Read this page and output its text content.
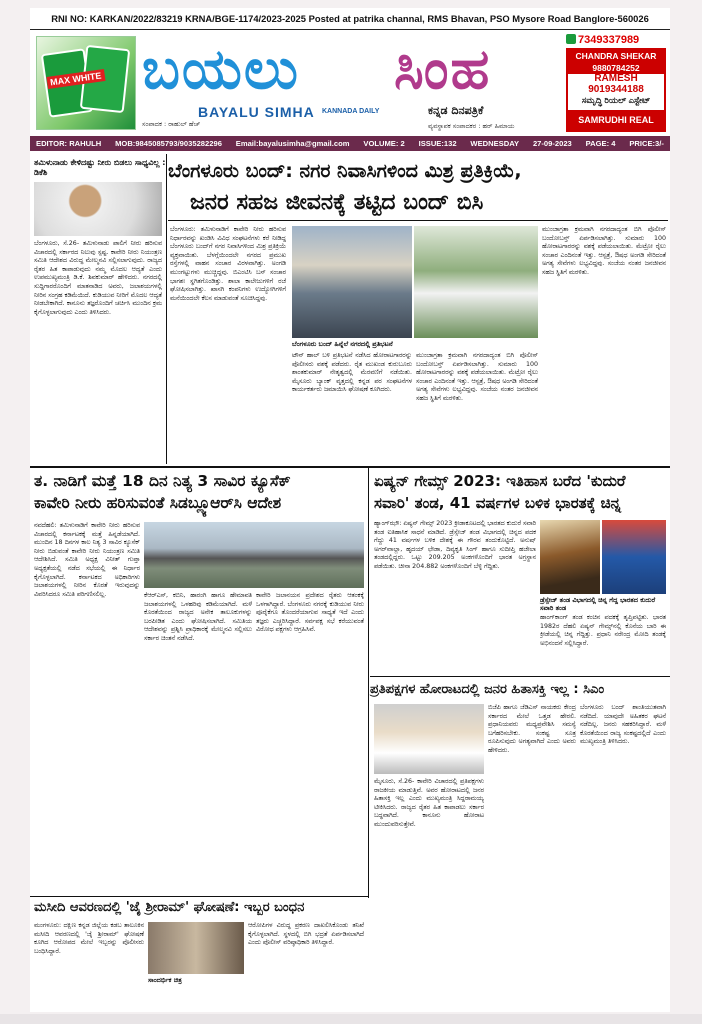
RNI NO: KARKAN/2022/83219 KRNA/BGE-1174/2023-2025 Posted at patrika channal, RMS Bhavan, PSO Mysore Road Banglore-560026
MAX WHITE ಬಯಲು ಸಿಂಹ
BAYALU SIMHA KANNADA DAILY	ಕನ್ನಡ ದಿನಪತ್ರಿಕೆ
ಸಂಪಾದಕ : ರಾಹುಲ್ ಹೆಚ್	ವ್ಯವಸ್ಥಾಪಕ ಸಂಪಾದಕರ : ಹರ್ ಹಿಮಾಯ
7349337989
CHANDRA SHEKAR 9880784252
RAMESH 9019344188
ಸಮೃದ್ಧಿ ರಿಯಲ್ ಎಸ್ಟೇಟ್
SAMRUDHI REAL
EDITOR: RAHULH MOB:9845085793/9035282296 Email:bayalusimha@gmail.com VOLUME: 2 ISSUE:132 WEDNESDAY 27-09-2023 PAGE: 4 PRICE:3/-
ತಮಿಳುನಾಡು ಕೇಳಿದಷ್ಟು ನೀರು ಬಿಡಲು ಸಾಧ್ಯವಿಲ್ಲ : ಡಿಕೆಶಿ
ಬೆಂಗಳೂರು, ಸೆ.26- ತಮಿಳುನಾಡು ಪಾಲಿಗೆ ನೀರು ಹರಿಸುವ ವಿಚಾರದಲ್ಲಿ ಸರ್ಕಾರದ ನಿಲುವು ಸ್ಪಷ್ಟ. ಕಾವೇರಿ ನೀರು ನಿಯಂತ್ರಣ ಸಮಿತಿ ಆದೇಶದ ವಿರುದ್ಧ ಮೇಲ್ಮನವಿ ಸಲ್ಲಿಸಲಾಗುವುದು. ರಾಜ್ಯದ ರೈತರ ಹಿತ ಕಾಪಾಡುವುದು ನಮ್ಮ ಮೊದಲ ಆದ್ಯತೆ ಎಂದು ಉಪಮುಖ್ಯಮಂತ್ರಿ ಡಿ.ಕೆ. ಶಿವಕುಮಾರ್ ಹೇಳಿದರು. ನಗರದಲ್ಲಿ ಸುದ್ದಿಗಾರರೊಂದಿಗೆ ಮಾತನಾಡಿದ ಅವರು, ಜಲಾಶಯಗಳಲ್ಲಿ ನೀರಿನ ಸಂಗ್ರಹ ಕಡಿಮೆಯಿದೆ. ಕುಡಿಯುವ ನೀರಿಗೆ ಮೊದಲ ಆದ್ಯತೆ ನೀಡಬೇಕಾಗಿದೆ. ಕಾನೂನು ತಜ್ಞರೊಂದಿಗೆ ಚರ್ಚಿಸಿ ಮುಂದಿನ ಕ್ರಮ ಕೈಗೊಳ್ಳಲಾಗುವುದು ಎಂದು ತಿಳಿಸಿದರು.
ಬೆಂಗಳೂರು ಬಂದ್: ನಗರ ನಿವಾಸಿಗಳಿಂದ ಮಿಶ್ರ ಪ್ರತಿಕ್ರಿಯೆ,
ಜನರ ಸಹಜ ಜೀವನಕ್ಕೆ ತಟ್ಟಿದ ಬಂದ್ ಬಿಸಿ
ಬೆಂಗಳೂರು: ತಮಿಳುನಾಡಿಗೆ ಕಾವೇರಿ ನೀರು ಹರಿಸುವ ನಿರ್ಧಾರವನ್ನು ಖಂಡಿಸಿ ವಿವಿಧ ಸಂಘಟನೆಗಳು ಕರೆ ನೀಡಿದ್ದ ಬೆಂಗಳೂರು ಬಂದ್‌ಗೆ ನಗರ ನಿವಾಸಿಗಳಿಂದ ಮಿಶ್ರ ಪ್ರತಿಕ್ರಿಯೆ ವ್ಯಕ್ತವಾಯಿತು. ಬೆಳಗ್ಗೆಯಿಂದಲೇ ನಗರದ ಪ್ರಮುಖ ರಸ್ತೆಗಳಲ್ಲಿ ವಾಹನ ಸಂಚಾರ ವಿರಳವಾಗಿತ್ತು. ಅಂಗಡಿ ಮುಂಗಟ್ಟುಗಳು ಮುಚ್ಚಿದ್ದವು. ಬಿಎಂಟಿಸಿ ಬಸ್ ಸಂಚಾರ ಭಾಗಶಃ ಸ್ಥಗಿತಗೊಂಡಿತ್ತು. ಶಾಲಾ ಕಾಲೇಜುಗಳಿಗೆ ರಜೆ ಘೋಷಿಸಲಾಗಿತ್ತು. ಖಾಸಗಿ ಕಂಪನಿಗಳು ಉದ್ಯೋಗಿಗಳಿಗೆ ಮನೆಯಿಂದಲೇ ಕೆಲಸ ಮಾಡುವಂತೆ ಸೂಚಿಸಿದ್ದವು.
ಬೆಂಗಳೂರು ಬಂದ್ ಹಿನ್ನೆಲೆ ನಗರದಲ್ಲಿ ಪ್ರತಿಭಟನೆ
ಟೌನ್ ಹಾಲ್ ಬಳಿ ಪ್ರತಿಭಟನೆ ನಡೆಸಿದ ಹೋರಾಟಗಾರರನ್ನು ಪೊಲೀಸರು ವಶಕ್ಕೆ ಪಡೆದರು. ರೈತ ಮುಖಂಡ ಕುರುಬೂರು ಶಾಂತಕುಮಾರ್ ನೇತೃತ್ವದಲ್ಲಿ ಮೆರವಣಿಗೆ ನಡೆಯಿತು. ಮೈಸೂರು ಬ್ಯಾಂಕ್ ವೃತ್ತದಲ್ಲಿ ಕನ್ನಡ ಪರ ಸಂಘಟನೆಗಳ ಕಾರ್ಯಕರ್ತರು ಜಮಾಯಿಸಿ ಘೋಷಣೆ ಕೂಗಿದರು.
ಮುಂಜಾಗ್ರತಾ ಕ್ರಮವಾಗಿ ನಗರದಾದ್ಯಂತ ಬಿಗಿ ಪೊಲೀಸ್ ಬಂದೋಬಸ್ತ್ ಏರ್ಪಡಿಸಲಾಗಿತ್ತು. ಸುಮಾರು 100 ಹೋರಾಟಗಾರರನ್ನು ವಶಕ್ಕೆ ಪಡೆಯಲಾಯಿತು. ಮೆಟ್ರೋ ರೈಲು ಸಂಚಾರ ಎಂದಿನಂತೆ ಇತ್ತು. ಆಸ್ಪತ್ರೆ, ಔಷಧ ಅಂಗಡಿ ಸೇರಿದಂತೆ ಅಗತ್ಯ ಸೇವೆಗಳು ಲಭ್ಯವಿದ್ದವು. ಸಂಜೆಯ ನಂತರ ಜನಜೀವನ ಸಹಜ ಸ್ಥಿತಿಗೆ ಮರಳಿತು.
ಮುಂಜಾಗ್ರತಾ ಕ್ರಮವಾಗಿ ನಗರದಾದ್ಯಂತ ಬಿಗಿ ಪೊಲೀಸ್ ಬಂದೋಬಸ್ತ್ ಏರ್ಪಡಿಸಲಾಗಿತ್ತು. ಸುಮಾರು 100 ಹೋರಾಟಗಾರರನ್ನು ವಶಕ್ಕೆ ಪಡೆಯಲಾಯಿತು. ಮೆಟ್ರೋ ರೈಲು ಸಂಚಾರ ಎಂದಿನಂತೆ ಇತ್ತು. ಆಸ್ಪತ್ರೆ, ಔಷಧ ಅಂಗಡಿ ಸೇರಿದಂತೆ ಅಗತ್ಯ ಸೇವೆಗಳು ಲಭ್ಯವಿದ್ದವು. ಸಂಜೆಯ ನಂತರ ಜನಜೀವನ ಸಹಜ ಸ್ಥಿತಿಗೆ ಮರಳಿತು.
ತ. ನಾಡಿಗೆ ಮತ್ತೆ 18 ದಿನ ನಿತ್ಯ 3 ಸಾವಿರ ಕ್ಯೂಸೆಕ್
ಕಾವೇರಿ ನೀರು ಹರಿಸುವಂತೆ ಸಿಡಬ್ಲ್ಯೂಆರ್‌ಸಿ ಆದೇಶ
ನವದೆಹಲಿ: ತಮಿಳುನಾಡಿಗೆ ಕಾವೇರಿ ನೀರು ಹರಿಸುವ ವಿಚಾರದಲ್ಲಿ ಕರ್ನಾಟಕಕ್ಕೆ ಮತ್ತೆ ಹಿನ್ನಡೆಯಾಗಿದೆ. ಮುಂದಿನ 18 ದಿನಗಳ ಕಾಲ ನಿತ್ಯ 3 ಸಾವಿರ ಕ್ಯೂಸೆಕ್ ನೀರು ಬಿಡುವಂತೆ ಕಾವೇರಿ ನೀರು ನಿಯಂತ್ರಣ ಸಮಿತಿ ಆದೇಶಿಸಿದೆ. ಸಮಿತಿ ಅಧ್ಯಕ್ಷ ವಿನೀತ್ ಗುಪ್ತಾ ಅಧ್ಯಕ್ಷತೆಯಲ್ಲಿ ನಡೆದ ಸಭೆಯಲ್ಲಿ ಈ ನಿರ್ಧಾರ ಕೈಗೊಳ್ಳಲಾಗಿದೆ. ಕರ್ನಾಟಕದ ಅಧಿಕಾರಿಗಳು ಜಲಾಶಯಗಳಲ್ಲಿ ನೀರಿನ ಕೊರತೆ ಇರುವುದನ್ನು ವಿವರಿಸಿದರೂ ಸಮಿತಿ ಪರಿಗಣಿಸಲಿಲ್ಲ.	ಕೆಆರ್‌ಎಸ್, ಕಬಿನಿ, ಹಾರಂಗಿ ಹಾಗೂ ಹೇಮಾವತಿ ಜಲಾಶಯಗಳಲ್ಲಿ ಒಳಹರಿವು ಕಡಿಮೆಯಾಗಿದೆ. ಮಳೆ ಕೊರತೆಯಿಂದ ರಾಜ್ಯದ ಅನೇಕ ತಾಲೂಕುಗಳನ್ನು ಬರಪೀಡಿತ ಎಂದು ಘೋಷಿಸಲಾಗಿದೆ. ಸಮಿತಿಯ ಆದೇಶವನ್ನು ಪ್ರಶ್ನಿಸಿ ಪ್ರಾಧಿಕಾರಕ್ಕೆ ಮೇಲ್ಮನವಿ ಸಲ್ಲಿಸಲು ಸರ್ಕಾರ ಚಿಂತನೆ ನಡೆಸಿದೆ.
ಕಾವೇರಿ ಜಲಾನಯನ ಪ್ರದೇಶದ ರೈತರು ಆತಂಕಕ್ಕೆ ಒಳಗಾಗಿದ್ದಾರೆ. ಬೆಂಗಳೂರು ನಗರಕ್ಕೆ ಕುಡಿಯುವ ನೀರು ಪೂರೈಕೆಗೂ ತೊಂದರೆಯಾಗುವ ಸಾಧ್ಯತೆ ಇದೆ ಎಂದು ತಜ್ಞರು ಎಚ್ಚರಿಸಿದ್ದಾರೆ. ಸರ್ವಪಕ್ಷ ಸಭೆ ಕರೆಯುವಂತೆ ವಿರೋಧ ಪಕ್ಷಗಳು ಆಗ್ರಹಿಸಿವೆ.
ಏಷ್ಯನ್ ಗೇಮ್ಸ್ 2023: ಇತಿಹಾಸ ಬರೆದ 'ಕುದುರೆ
ಸವಾರಿ' ತಂಡ, 41 ವರ್ಷಗಳ ಬಳಿಕ ಭಾರತಕ್ಕೆ ಚಿನ್ನ
ಹ್ಯಾಂಗ್‌ಝೌ: ಏಷ್ಯನ್ ಗೇಮ್ಸ್ 2023 ಕ್ರೀಡಾಕೂಟದಲ್ಲಿ ಭಾರತದ ಕುದುರೆ ಸವಾರಿ ತಂಡ ಐತಿಹಾಸಿಕ ಸಾಧನೆ ಮಾಡಿದೆ. ಡ್ರೆಸ್ಸೇಜ್ ತಂಡ ವಿಭಾಗದಲ್ಲಿ ಚಿನ್ನದ ಪದಕ ಗೆದ್ದು 41 ವರ್ಷಗಳ ಬಳಿಕ ದೇಶಕ್ಕೆ ಈ ಗೌರವ ತಂದುಕೊಟ್ಟಿದೆ. ಅನುಷ್ ಅಗರ್‌ವಾಲ್ಲಾ, ಹೃದಯ್ ಛೇಡಾ, ದಿವ್ಯಕೃತಿ ಸಿಂಗ್ ಹಾಗೂ ಸುದೀಪ್ತಿ ಹಜೇಲಾ ತಂಡದಲ್ಲಿದ್ದರು. ಒಟ್ಟು 209.205 ಅಂಕಗಳೊಂದಿಗೆ ಭಾರತ ಅಗ್ರಸ್ಥಾನ ಪಡೆಯಿತು. ಚೀನಾ 204.882 ಅಂಕಗಳೊಂದಿಗೆ ಬೆಳ್ಳಿ ಗೆದ್ದಿತು.
ಡ್ರೆಸ್ಸೇಜ್ ತಂಡ ವಿಭಾಗದಲ್ಲಿ ಚಿನ್ನ ಗೆದ್ದ ಭಾರತದ ಕುದುರೆ ಸವಾರಿ ತಂಡ
ಹಾಂಗ್‌ಕಾಂಗ್ ತಂಡ ಕಂಚಿನ ಪದಕಕ್ಕೆ ತೃಪ್ತಿಪಟ್ಟಿತು. ಭಾರತ 1982ರ ದೆಹಲಿ ಏಷ್ಯನ್ ಗೇಮ್ಸ್‌ನಲ್ಲಿ ಕೊನೆಯ ಬಾರಿ ಈ ಕ್ರೀಡೆಯಲ್ಲಿ ಚಿನ್ನ ಗೆದ್ದಿತ್ತು. ಪ್ರಧಾನಿ ನರೇಂದ್ರ ಮೋದಿ ತಂಡಕ್ಕೆ ಅಭಿನಂದನೆ ಸಲ್ಲಿಸಿದ್ದಾರೆ.
ಪ್ರತಿಪಕ್ಷಗಳ ಹೋರಾಟದಲ್ಲಿ ಜನರ ಹಿತಾಸಕ್ತಿ ಇಲ್ಲ : ಸಿಎಂ
ಮೈಸೂರು, ಸೆ.26- ಕಾವೇರಿ ವಿಚಾರದಲ್ಲಿ ಪ್ರತಿಪಕ್ಷಗಳು ರಾಜಕೀಯ ಮಾಡುತ್ತಿವೆ. ಅವರ ಹೋರಾಟದಲ್ಲಿ ಜನರ ಹಿತಾಸಕ್ತಿ ಇಲ್ಲ ಎಂದು ಮುಖ್ಯಮಂತ್ರಿ ಸಿದ್ದರಾಮಯ್ಯ ಟೀಕಿಸಿದರು. ರಾಜ್ಯದ ರೈತರ ಹಿತ ಕಾಪಾಡಲು ಸರ್ಕಾರ ಬದ್ಧವಾಗಿದೆ. ಕಾನೂನು ಹೋರಾಟ ಮುಂದುವರಿಸುತ್ತೇವೆ.
ಬಿಜೆಪಿ ಹಾಗೂ ಜೆಡಿಎಸ್ ನಾಯಕರು ಕೇಂದ್ರ ಸರ್ಕಾರದ ಮೇಲೆ ಒತ್ತಡ ಹೇರಲಿ. ಪ್ರಧಾನಿಯವರು ಮಧ್ಯಪ್ರವೇಶಿಸಿ ಸಮಸ್ಯೆ ಬಗೆಹರಿಸಬೇಕು. ಸಂಕಷ್ಟ ಸೂತ್ರ ರೂಪಿಸುವುದು ಅಗತ್ಯವಾಗಿದೆ ಎಂದು ಅವರು ಹೇಳಿದರು.
ಬೆಂಗಳೂರು ಬಂದ್ ಶಾಂತಿಯುತವಾಗಿ ನಡೆದಿದೆ. ಯಾವುದೇ ಅಹಿತಕರ ಘಟನೆ ನಡೆದಿಲ್ಲ. ಜನರು ಸಹಕರಿಸಿದ್ದಾರೆ. ಮಳೆ ಕೊರತೆಯಿಂದ ರಾಜ್ಯ ಸಂಕಷ್ಟದಲ್ಲಿದೆ ಎಂದು ಮುಖ್ಯಮಂತ್ರಿ ತಿಳಿಸಿದರು.
ಮಸೀದಿ ಆವರಣದಲ್ಲಿ 'ಜೈ ಶ್ರೀರಾಮ್' ಘೋಷಣೆ: ಇಬ್ಬರ ಬಂಧನ
ಮಂಗಳೂರು: ದಕ್ಷಿಣ ಕನ್ನಡ ಜಿಲ್ಲೆಯ ಕಡಬ ತಾಲೂಕಿನ ಮಸೀದಿ ಆವರಣದಲ್ಲಿ 'ಜೈ ಶ್ರೀರಾಮ್' ಘೋಷಣೆ ಕೂಗಿದ ಆರೋಪದ ಮೇಲೆ ಇಬ್ಬರನ್ನು ಪೊಲೀಸರು ಬಂಧಿಸಿದ್ದಾರೆ.
ಸಾಂದರ್ಭಿಕ ಚಿತ್ರ
ಆರೋಪಿಗಳ ವಿರುದ್ಧ ಪ್ರಕರಣ ದಾಖಲಿಸಿಕೊಂಡು ತನಿಖೆ ಕೈಗೊಳ್ಳಲಾಗಿದೆ. ಸ್ಥಳದಲ್ಲಿ ಬಿಗಿ ಭದ್ರತೆ ಏರ್ಪಡಿಸಲಾಗಿದೆ ಎಂದು ಪೊಲೀಸ್ ವರಿಷ್ಠಾಧಿಕಾರಿ ತಿಳಿಸಿದ್ದಾರೆ.
